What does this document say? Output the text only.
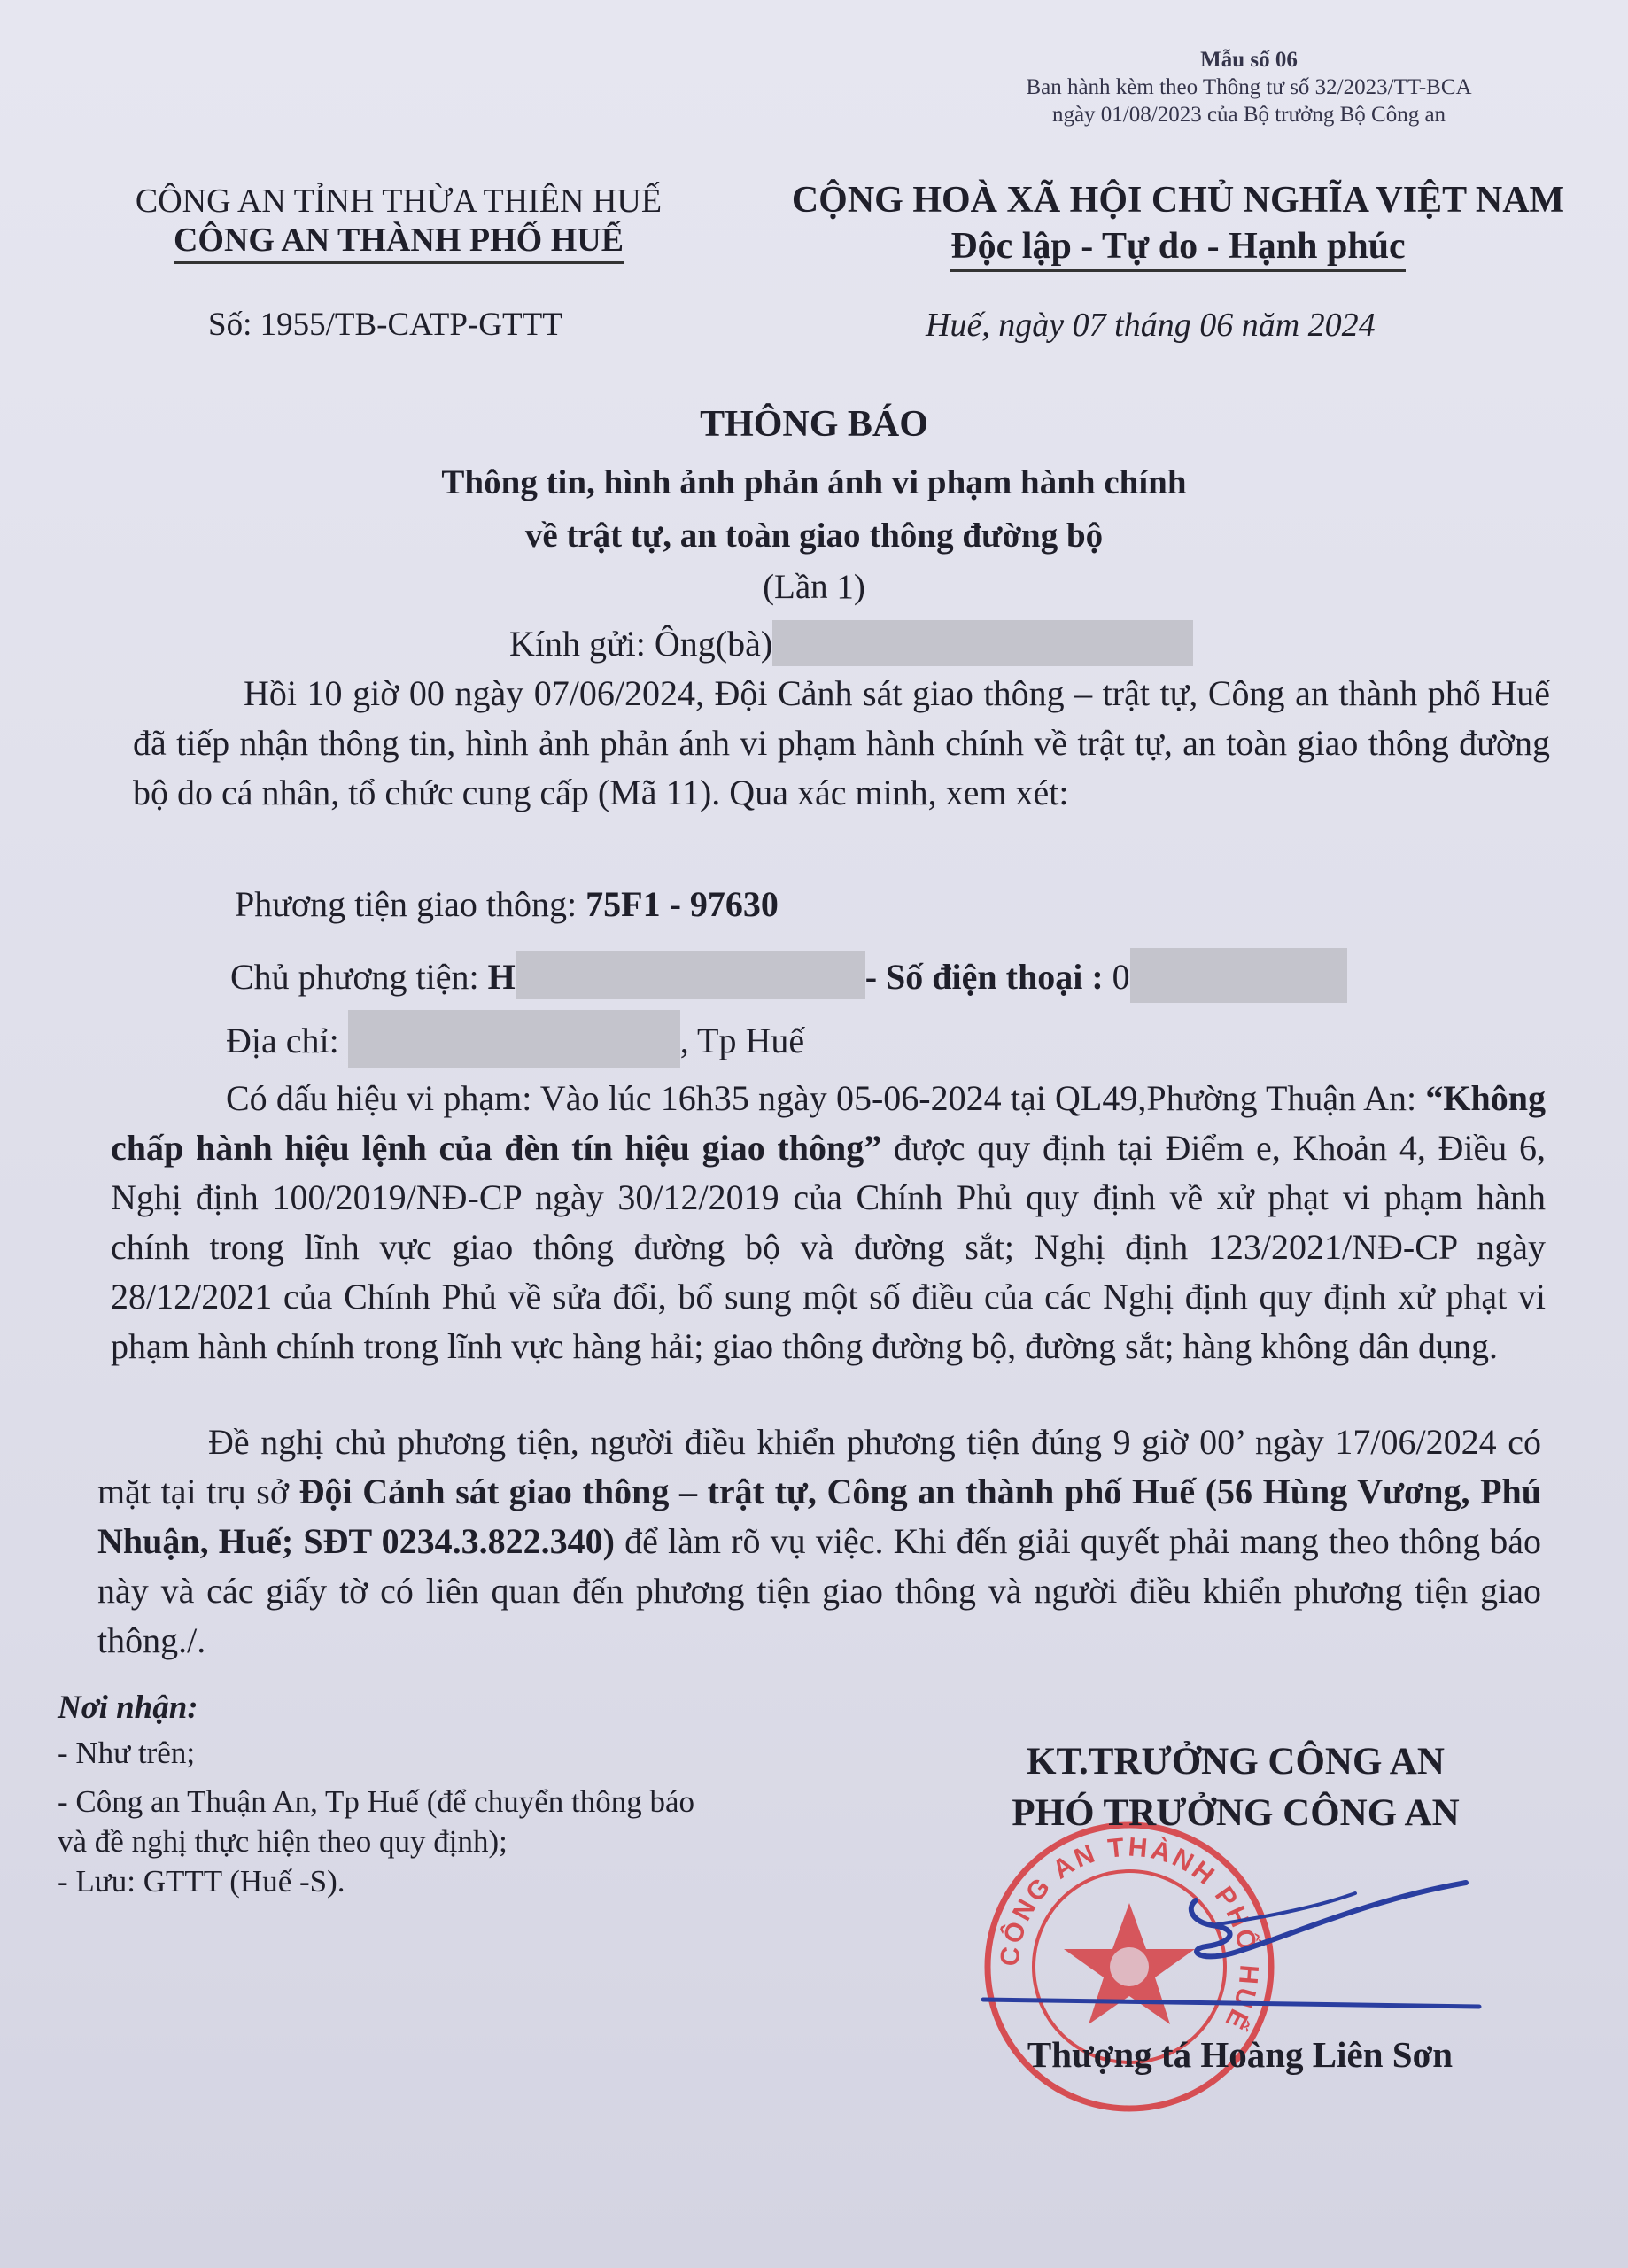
Mẫu số 06
Ban hành kèm theo Thông tư số 32/2023/TT-BCA
ngày 01/08/2023 của Bộ trưởng Bộ Công an
CÔNG AN TỈNH THỪA THIÊN HUẾ
CÔNG AN THÀNH PHỐ HUẾ
CỘNG HOÀ XÃ HỘI CHỦ NGHĨA VIỆT NAM
Độc lập - Tự do - Hạnh phúc
Số: 1955/TB-CATP-GTTT	Huế, ngày 07 tháng 06 năm 2024
THÔNG BÁO
Thông tin, hình ảnh phản ánh vi phạm hành chính
về trật tự, an toàn giao thông đường bộ
(Lần 1)
Kính gửi: Ông(bà)
Hồi 10 giờ 00 ngày 07/06/2024, Đội Cảnh sát giao thông – trật tự, Công an thành phố Huế đã tiếp nhận thông tin, hình ảnh phản ánh vi phạm hành chính về trật tự, an toàn giao thông đường bộ do cá nhân, tổ chức cung cấp (Mã 11). Qua xác minh, xem xét:
Phương tiện giao thông: 75F1 - 97630
Chủ phương tiện: H	- Số điện thoại : 0
Địa chỉ:	, Tp Huế
Có dấu hiệu vi phạm: Vào lúc 16h35 ngày 05-06-2024 tại QL49,Phường Thuận An: “Không chấp hành hiệu lệnh của đèn tín hiệu giao thông” được quy định tại Điểm e, Khoản 4, Điều 6, Nghị định 100/2019/NĐ-CP ngày 30/12/2019 của Chính Phủ quy định về xử phạt vi phạm hành chính trong lĩnh vực giao thông đường bộ và đường sắt; Nghị định 123/2021/NĐ-CP ngày 28/12/2021 của Chính Phủ về sửa đổi, bổ sung một số điều của các Nghị định quy định xử phạt vi phạm hành chính trong lĩnh vực hàng hải; giao thông đường bộ, đường sắt; hàng không dân dụng.
Đề nghị chủ phương tiện, người điều khiển phương tiện đúng 9 giờ 00’ ngày 17/06/2024 có mặt tại trụ sở Đội Cảnh sát giao thông – trật tự, Công an thành phố Huế (56 Hùng Vương, Phú Nhuận, Huế; SĐT 0234.3.822.340) để làm rõ vụ việc. Khi đến giải quyết phải mang theo thông báo này và các giấy tờ có liên quan đến phương tiện giao thông và người điều khiển phương tiện giao thông./.
Nơi nhận:
- Như trên;
- Công an Thuận An, Tp Huế (để chuyển thông báo
và đề nghị thực hiện theo quy định);
- Lưu: GTTT (Huế -S).
CÔNG AN THÀNH PHỐ HUẾ
KT.TRƯỞNG CÔNG AN
PHÓ TRƯỞNG CÔNG AN
Thượng tá Hoàng Liên Sơn
